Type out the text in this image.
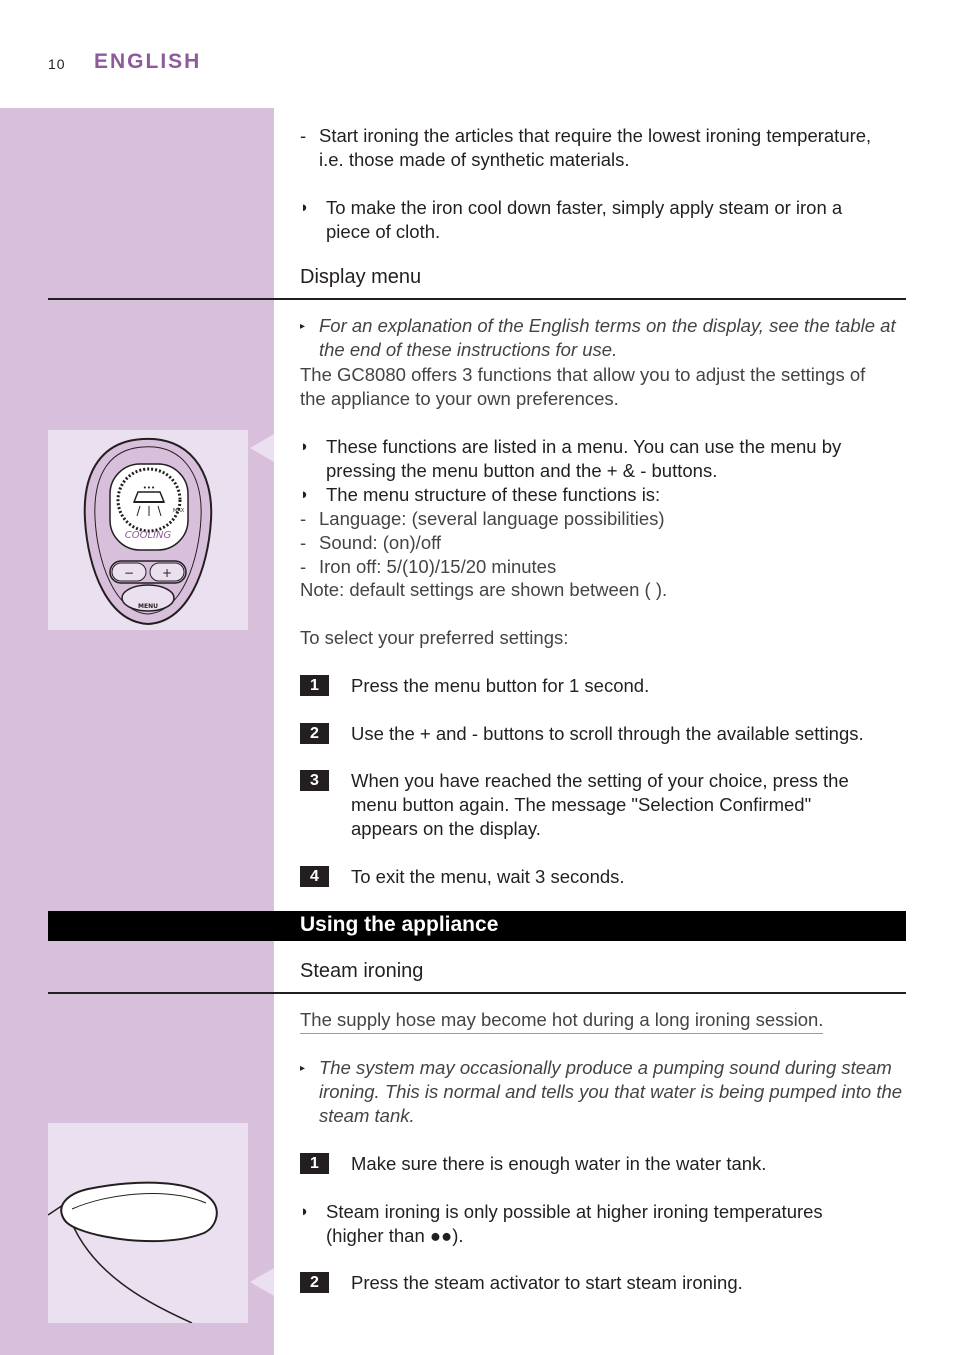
10 ENGLISH
- Start ironing the articles that require the lowest ironing temperature,
i.e. those made of synthetic materials.
◗ To make the iron cool down faster, simply apply steam or iron a
piece of cloth.
Display menu
•••
MAX
COOLING
− +
MENU
▸ For an explanation of the English terms on the display, see the table at
the end of these instructions for use.
The GC8080 offers 3 functions that allow you to adjust the settings of
the appliance to your own preferences.
◗ These functions are listed in a menu. You can use the menu by
pressing the menu button and the + & - buttons.
◗ The menu structure of these functions is:
- Language: (several language possibilities)
- Sound: (on)/off
- Iron off: 5/(10)/15/20 minutes
Note: default settings are shown between ( ).
To select your preferred settings:
1	Press the menu button for 1 second.
2	Use the + and - buttons to scroll through the available settings.
3	When you have reached the setting of your choice, press the
menu button again. The message "Selection Confirmed"
appears on the display.
4	To exit the menu, wait 3 seconds.
Using the appliance
Steam ironing
The supply hose may become hot during a long ironing session.
▸ The system may occasionally produce a pumping sound during steam
ironing. This is normal and tells you that water is being pumped into the
steam tank.
1	Make sure there is enough water in the water tank.
◗ Steam ironing is only possible at higher ironing temperatures
(higher than ●●).
2	Press the steam activator to start steam ironing.
